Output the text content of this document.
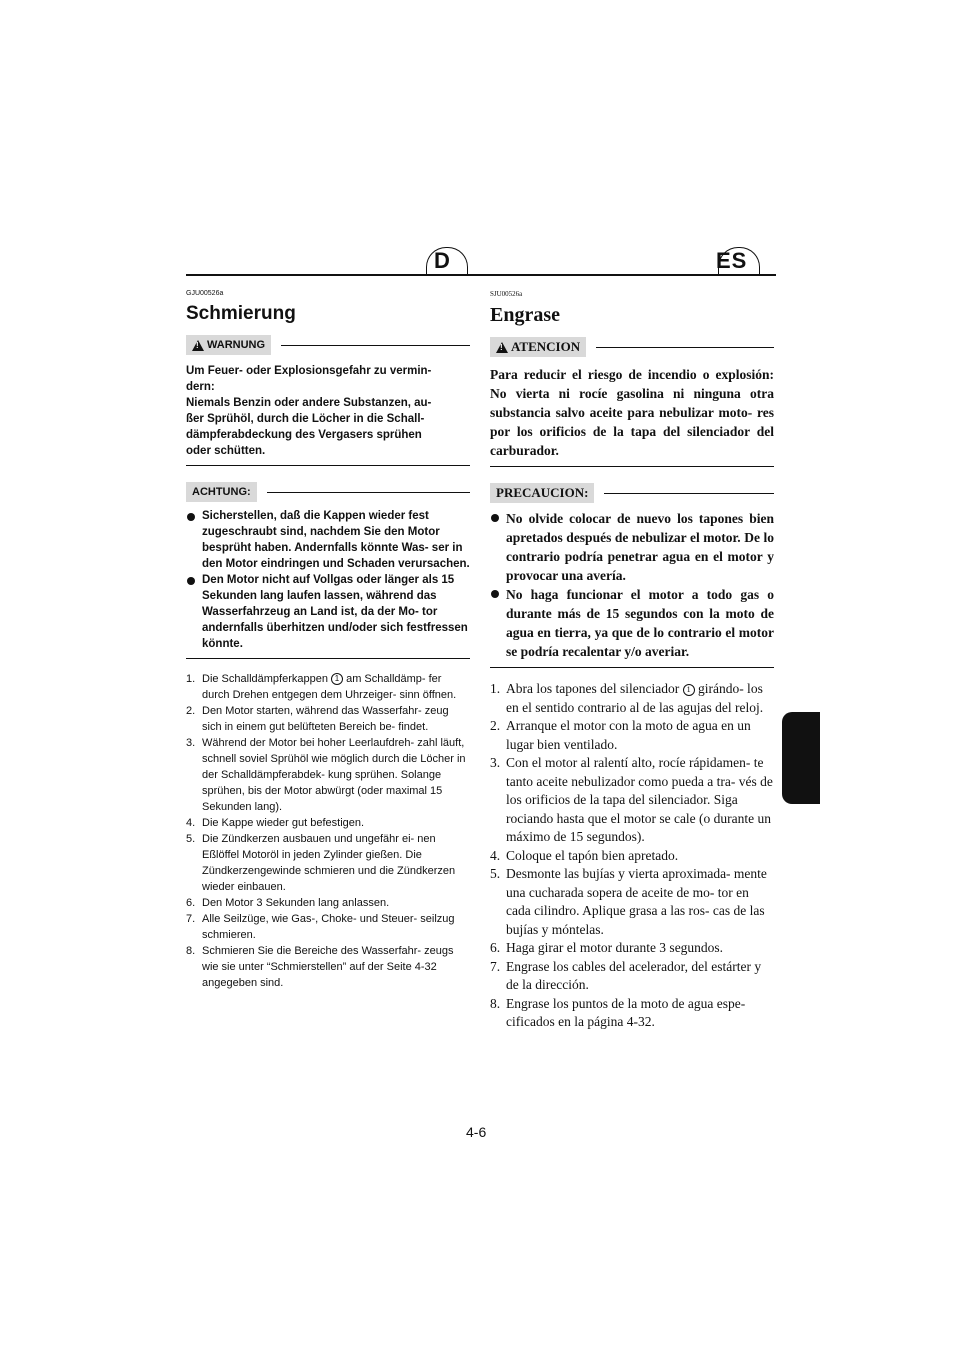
D	ES
GJU00526a
Schmierung
!
WARNUNG
Um Feuer- oder Explosionsgefahr zu vermin-
dern:
Niemals Benzin oder andere Substanzen, au-
ßer Sprühöl, durch die Löcher in die Schall-
dämpferabdeckung des Vergasers sprühen
oder schütten.
ACHTUNG:
Sicherstellen, daß die Kappen wieder fest zugeschraubt sind, nachdem Sie den Motor besprüht haben. Andernfalls könnte Was- ser in den Motor eindringen und Schaden verursachen.
Den Motor nicht auf Vollgas oder länger als 15 Sekunden lang laufen lassen, während das Wasserfahrzeug an Land ist, da der Mo- tor andernfalls überhitzen und/oder sich festfressen könnte.
1. Die Schalldämpferkappen 1 am Schalldämp- fer durch Drehen entgegen dem Uhrzeiger- sinn öffnen.
2. Den Motor starten, während das Wasserfahr- zeug sich in einem gut belüfteten Bereich be- findet.
3. Während der Motor bei hoher Leerlaufdreh- zahl läuft, schnell soviel Sprühöl wie möglich durch die Löcher in der Schalldämpferabdek- kung sprühen. Solange sprühen, bis der Motor abwürgt (oder maximal 15 Sekunden lang).
4. Die Kappe wieder gut befestigen.
5. Die Zündkerzen ausbauen und ungefähr ei- nen Eßlöffel Motoröl in jeden Zylinder gießen. Die Zündkerzengewinde schmieren und die Zündkerzen wieder einbauen.
6. Den Motor 3 Sekunden lang anlassen.
7. Alle Seilzüge, wie Gas-, Choke- und Steuer- seilzug schmieren.
8. Schmieren Sie die Bereiche des Wasserfahr- zeugs wie sie unter “Schmierstellen” auf der Seite 4-32 angegeben sind.
SJU00526a
Engrase
!
ATENCION
Para reducir el riesgo de incendio o explosión: No vierta ni rocíe gasolina ni ninguna otra substancia salvo aceite para nebulizar moto- res por los orificios de la tapa del silenciador del carburador.
PRECAUCION:
No olvide colocar de nuevo los tapones bien apretados después de nebulizar el motor. De lo contrario podría penetrar agua en el motor y provocar una avería.
No haga funcionar el motor a todo gas o durante más de 15 segundos con la moto de agua en tierra, ya que de lo contrario el motor se podría recalentar y/o averiar.
1. Abra los tapones del silenciador 1 girándo- los en el sentido contrario al de las agujas del reloj.
2. Arranque el motor con la moto de agua en un lugar bien ventilado.
3. Con el motor al ralentí alto, rocíe rápidamen- te tanto aceite nebulizador como pueda a tra- vés de los orificios de la tapa del silenciador. Siga rociando hasta que el motor se cale (o durante un máximo de 15 segundos).
4. Coloque el tapón bien apretado.
5. Desmonte las bujías y vierta aproximada- mente una cucharada sopera de aceite de mo- tor en cada cilindro. Aplique grasa a las ros- cas de las bujías y móntelas.
6. Haga girar el motor durante 3 segundos.
7. Engrase los cables del acelerador, del estárter y de la dirección.
8. Engrase los puntos de la moto de agua espe- cificados en la página 4-32.
4-6
